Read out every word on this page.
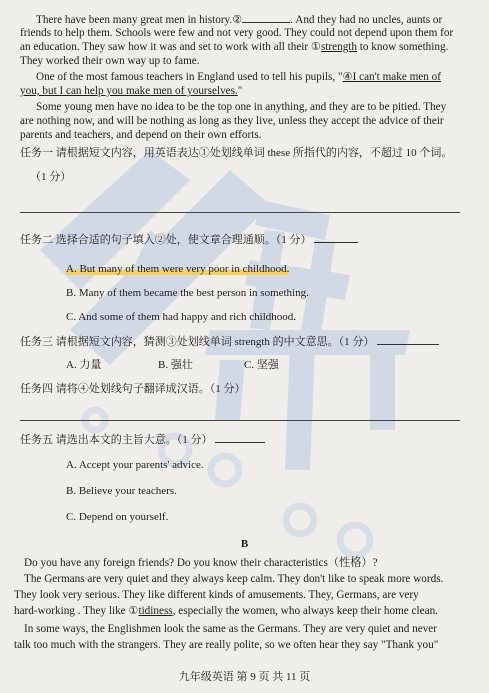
There have been many great men in history.②	. And they had no uncles, aunts or
friends to help them. Schools were few and not very good. They could not depend upon them for
an education. They saw how it was and set to work with all their ①strength to know something.
They worked their own way up to fame.
One of the most famous teachers in England used to tell his pupils, "④I can't make men of
you, but I can help you make men of yourselves."
Some young men have no idea to be the top one in anything, and they are to be pitied. They
are nothing now, and will be nothing as long as they live, unless they accept the advice of their
parents and teachers, and depend on their own efforts.
任务一 请根据短文内容，用英语表达①处划线单词 these 所指代的内容，不超过 10 个词。
（1 分）
任务二 选择合适的句子填入②处，使文章合理通顺。（1 分）
A. But many of them were very poor in childhood.
B. Many of them became the best person in something.
C. And some of them had happy and rich childhood.
任务三 请根据短文内容，猜测③处划线单词 strength 的中文意思。（1 分）
A. 力量	B. 强壮	C. 坚强
任务四 请将④处划线句子翻译成汉语。（1 分）
任务五 请选出本文的主旨大意。（1 分）
A. Accept your parents' advice.
B. Believe your teachers.
C. Depend on yourself.
B
Do you have any foreign friends? Do you know their characteristics（性格）?
The Germans are very quiet and they always keep calm. They don't like to speak more words.
They look very serious. They like different kinds of amusements. They, Germans, are very
hard-working . They like ①tidiness, especially the women, who always keep their home clean.
In some ways, the Englishmen look the same as the Germans. They are very quiet and never
talk too much with the strangers. They are really polite, so we often hear they say "Thank you"
九年级英语 第 9 页 共 11 页
